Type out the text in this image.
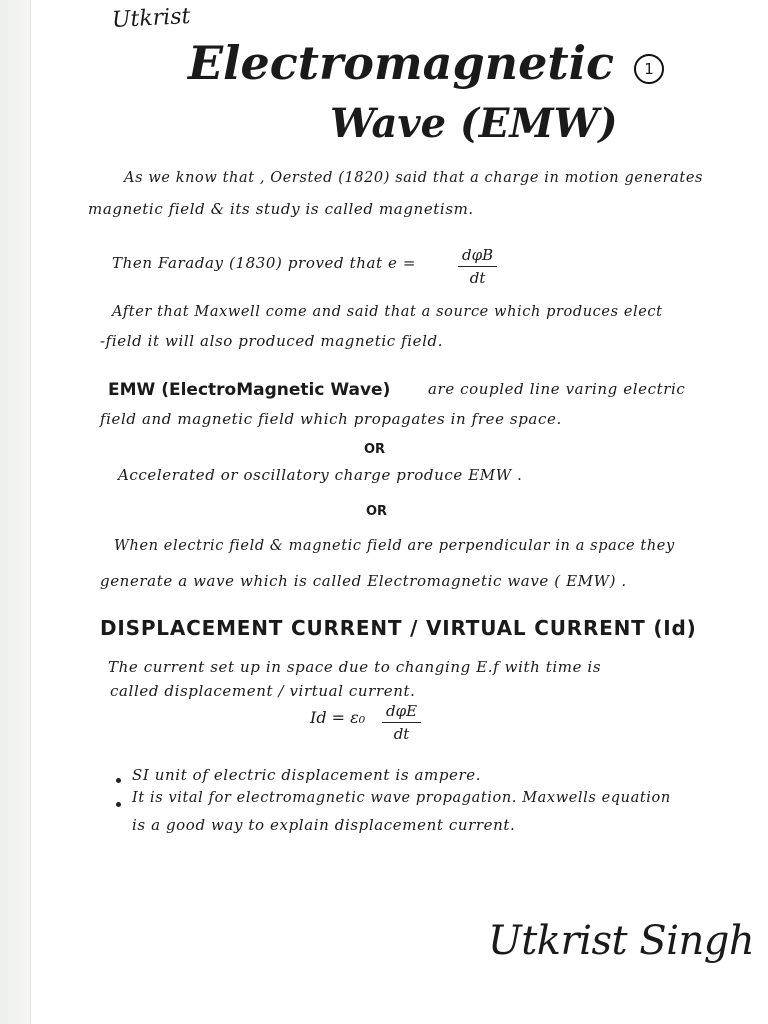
Utkrist
Electromagnetic	1
Wave (EMW)
As we know that , Oersted (1820) said that a charge in motion generates
magnetic field & its study is called magnetism.
Then Faraday (1830) proved that e =	dφB
dt
After that Maxwell come and said that a source which produces elect
-field it will also produced magnetic field.
EMW (ElectroMagnetic Wave)	are coupled line varing electric
field and magnetic field which propagates in free space.
OR
Accelerated or oscillatory charge produce EMW .
OR
When electric field & magnetic field are perpendicular in a space they
generate a wave which is called Electromagnetic wave ( EMW) .
DISPLACEMENT CURRENT / VIRTUAL CURRENT (Id)
The current set up in space due to changing E.f with time is
called displacement / virtual current.
Id = ε₀ dφE
dt
SI unit of electric displacement is ampere.
It is vital for electromagnetic wave propagation. Maxwells equation
is a good way to explain displacement current.
Utkrist Singh
